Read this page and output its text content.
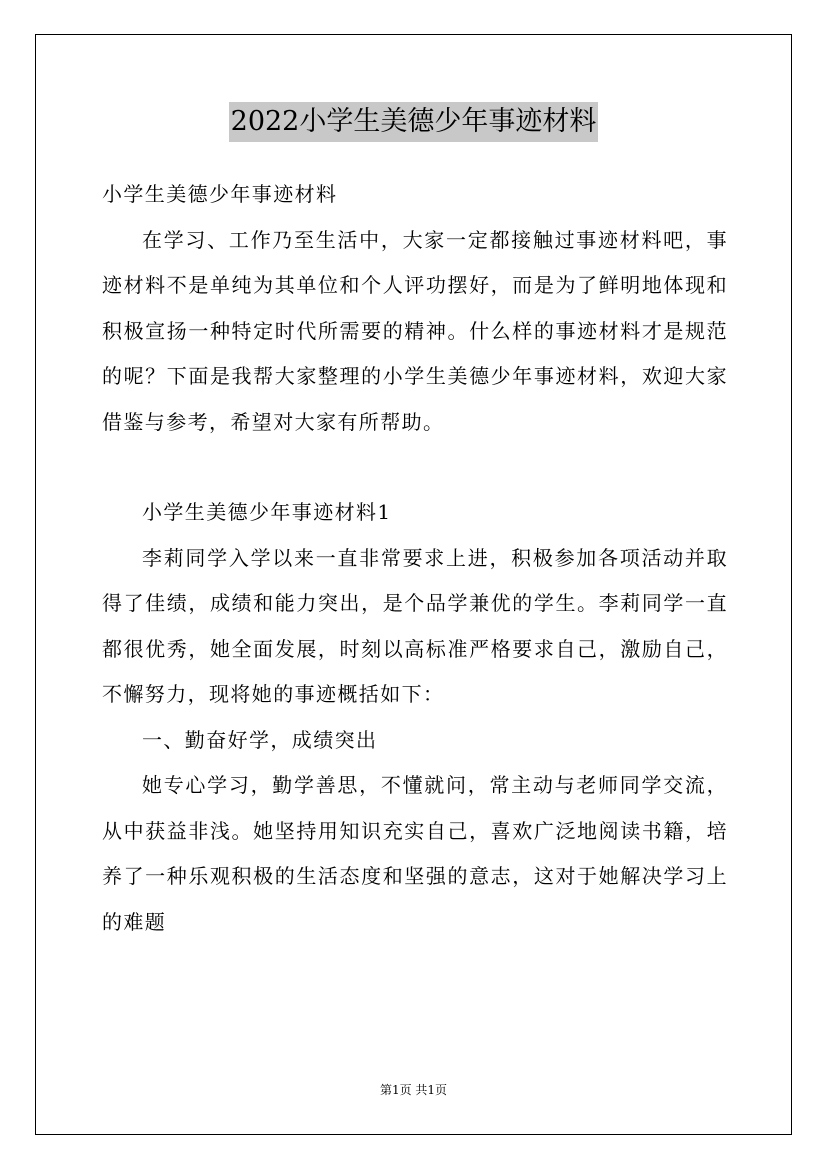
2022小学生美德少年事迹材料

小学生美德少年事迹材料

在学习、工作乃至生活中，大家一定都接触过事迹材料吧，事迹材料不是单纯为其单位和个人评功摆好，而是为了鲜明地体现和积极宣扬一种特定时代所需要的精神。什么样的事迹材料才是规范的呢？下面是我帮大家整理的小学生美德少年事迹材料，欢迎大家借鉴与参考，希望对大家有所帮助。

小学生美德少年事迹材料1

李莉同学入学以来一直非常要求上进，积极参加各项活动并取得了佳绩，成绩和能力突出，是个品学兼优的学生。李莉同学一直都很优秀，她全面发展，时刻以高标准严格要求自己，激励自己，不懈努力，现将她的事迹概括如下：

一、勤奋好学，成绩突出

她专心学习，勤学善思，不懂就问，常主动与老师同学交流，从中获益非浅。她坚持用知识充实自己，喜欢广泛地阅读书籍，培养了一种乐观积极的生活态度和坚强的意志，这对于她解决学习上的难题

第1页 共1页
